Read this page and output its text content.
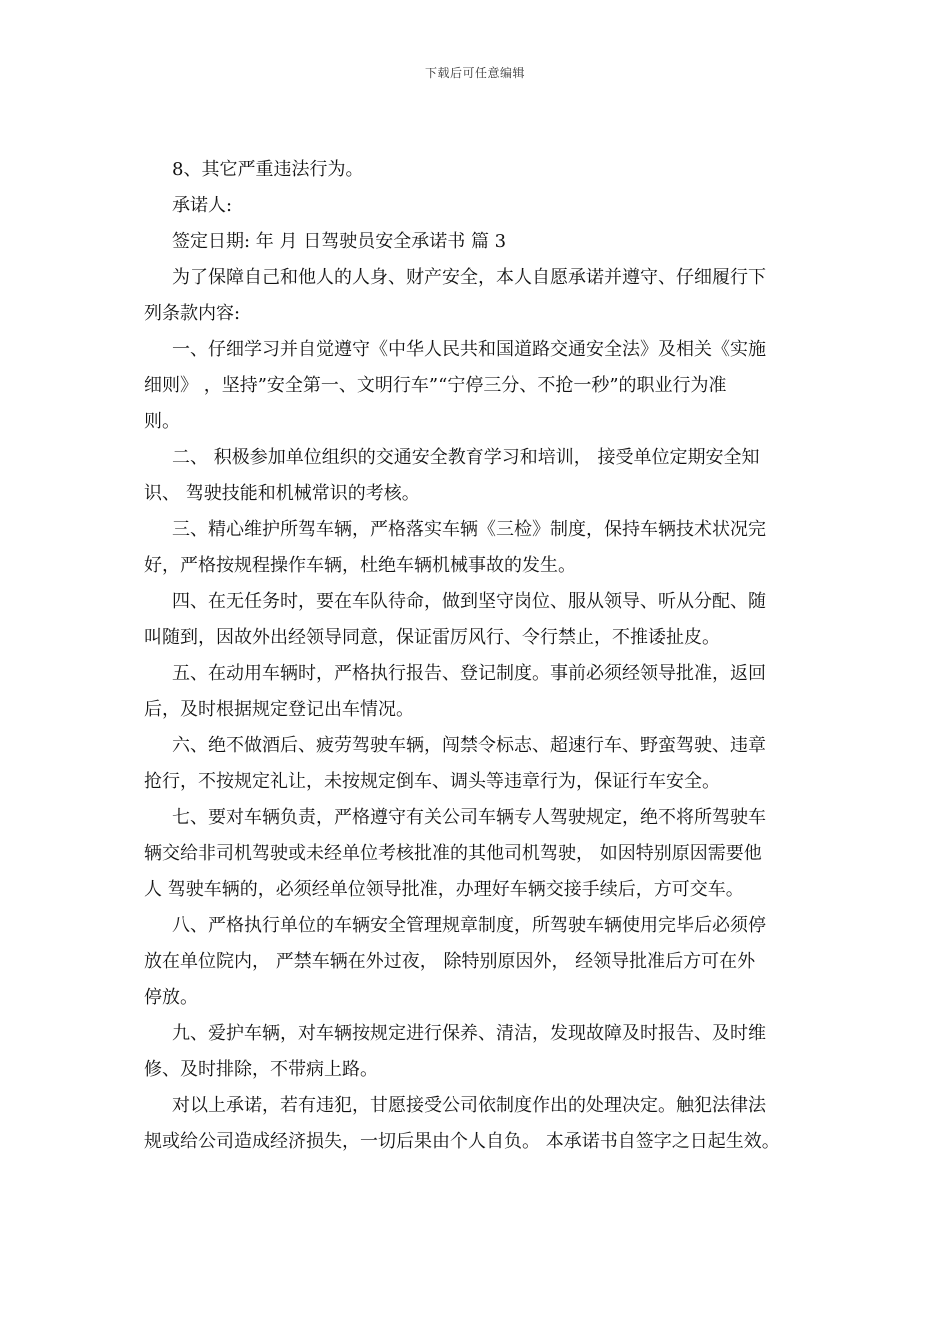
下载后可任意编辑
8、其它严重违法行为。
承诺人:
签定日期: 年 月 日驾驶员安全承诺书 篇 3
为了保障自己和他人的人身、财产安全，本人自愿承诺并遵守、仔细履行下
列条款内容:
一、仔细学习并自觉遵守《中华人民共和国道路交通安全法》及相关《实施
细则》 ，坚持”安全第一、文明行车”“宁停三分、不抢一秒”的职业行为准
则。
二、 积极参加单位组织的交通安全教育学习和培训， 接受单位定期安全知
识、 驾驶技能和机械常识的考核。
三、精心维护所驾车辆，严格落实车辆《三检》制度，保持车辆技术状况完
好，严格按规程操作车辆，杜绝车辆机械事故的发生。
四、在无任务时，要在车队待命，做到坚守岗位、服从领导、听从分配、随
叫随到，因故外出经领导同意，保证雷厉风行、令行禁止，不推诿扯皮。
五、在动用车辆时，严格执行报告、登记制度。事前必须经领导批准，返回
后，及时根据规定登记出车情况。
六、绝不做酒后、疲劳驾驶车辆，闯禁令标志、超速行车、野蛮驾驶、违章
抢行，不按规定礼让，未按规定倒车、调头等违章行为，保证行车安全。
七、要对车辆负责，严格遵守有关公司车辆专人驾驶规定，绝不将所驾驶车
辆交给非司机驾驶或未经单位考核批准的其他司机驾驶， 如因特别原因需要他
人 驾驶车辆的，必须经单位领导批准，办理好车辆交接手续后，方可交车。
八、严格执行单位的车辆安全管理规章制度，所驾驶车辆使用完毕后必须停
放在单位院内， 严禁车辆在外过夜， 除特别原因外， 经领导批准后方可在外
停放。
九、爱护车辆，对车辆按规定进行保养、清洁，发现故障及时报告、及时维
修、及时排除，不带病上路。
对以上承诺，若有违犯，甘愿接受公司依制度作出的处理决定。触犯法律法
规或给公司造成经济损失，一切后果由个人自负。 本承诺书自签字之日起生效。
